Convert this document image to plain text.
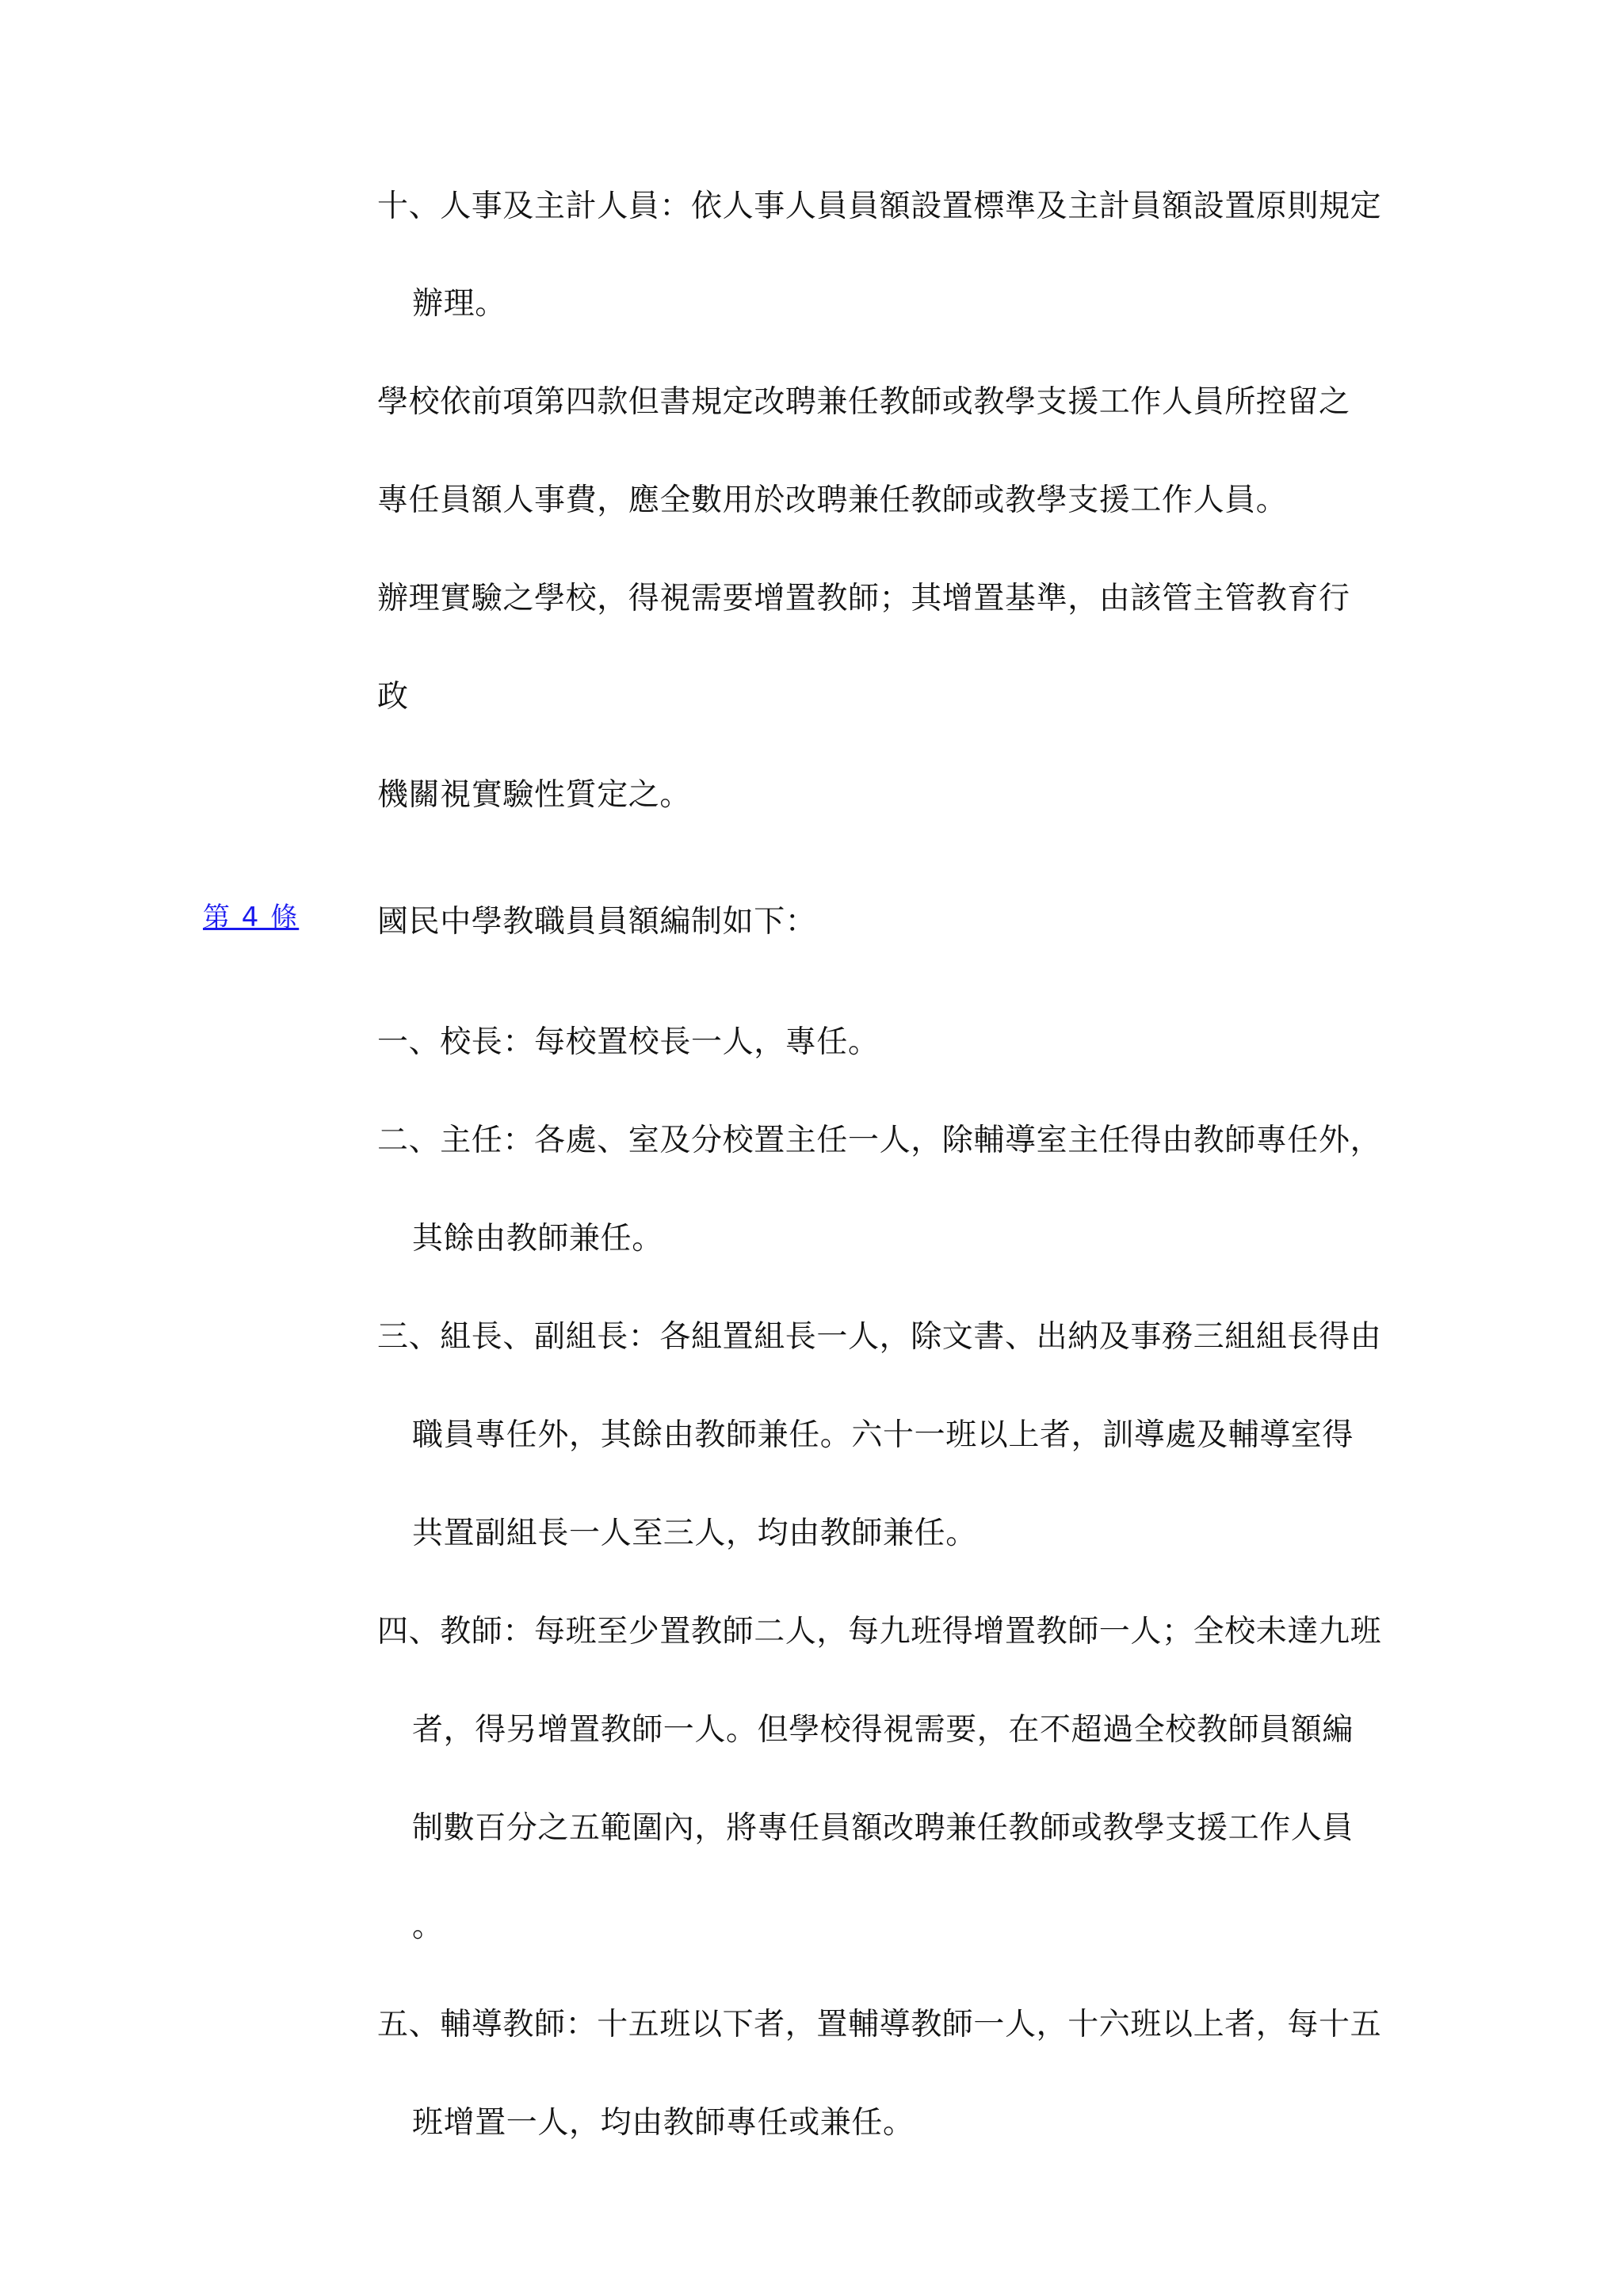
十、人事及主計人員：依人事人員員額設置標準及主計員額設置原則規定
辦理。
學校依前項第四款但書規定改聘兼任教師或教學支援工作人員所控留之
專任員額人事費，應全數用於改聘兼任教師或教學支援工作人員。
辦理實驗之學校，得視需要增置教師；其增置基準，由該管主管教育行
政
機關視實驗性質定之。
第 4 條	國民中學教職員員額編制如下：
一、校長：每校置校長一人，專任。
二、主任：各處、室及分校置主任一人，除輔導室主任得由教師專任外，
其餘由教師兼任。
三、組長、副組長：各組置組長一人，除文書、出納及事務三組組長得由
職員專任外，其餘由教師兼任。六十一班以上者，訓導處及輔導室得
共置副組長一人至三人，均由教師兼任。
四、教師：每班至少置教師二人，每九班得增置教師一人；全校未達九班
者，得另增置教師一人。但學校得視需要，在不超過全校教師員額編
制數百分之五範圍內，將專任員額改聘兼任教師或教學支援工作人員
。
五、輔導教師：十五班以下者，置輔導教師一人，十六班以上者，每十五
班增置一人，均由教師專任或兼任。
